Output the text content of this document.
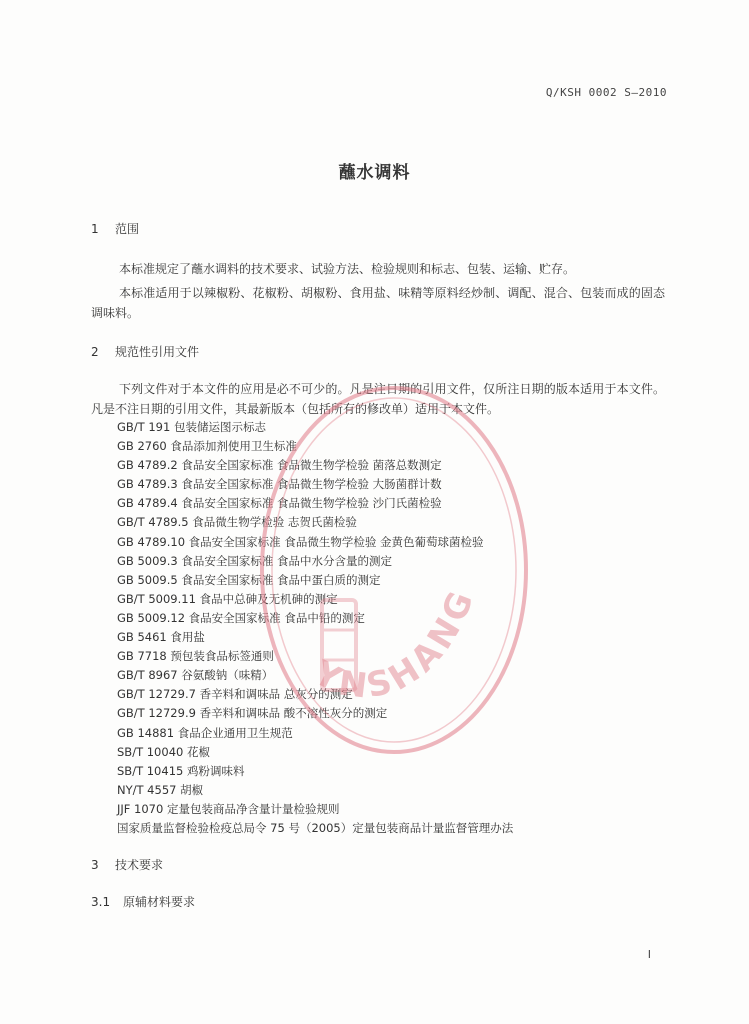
Q/KSH 0002 S—2010
蘸水调料
1 范围
本标准规定了蘸水调料的技术要求、试验方法、检验规则和标志、包装、运输、贮存。
本标准适用于以辣椒粉、花椒粉、胡椒粉、食用盐、味精等原料经炒制、调配、混合、包装而成的固态调味料。
2 规范性引用文件
下列文件对于本文件的应用是必不可少的。凡是注日期的引用文件，仅所注日期的版本适用于本文件。凡是不注日期的引用文件，其最新版本（包括所有的修改单）适用于本文件。
GB/T 191 包装储运图示标志
GB 2760 食品添加剂使用卫生标准
GB 4789.2 食品安全国家标准 食品微生物学检验 菌落总数测定
GB 4789.3 食品安全国家标准 食品微生物学检验 大肠菌群计数
GB 4789.4 食品安全国家标准 食品微生物学检验 沙门氏菌检验
GB/T 4789.5 食品微生物学检验 志贺氏菌检验
GB 4789.10 食品安全国家标准 食品微生物学检验 金黄色葡萄球菌检验
GB 5009.3 食品安全国家标准 食品中水分含量的测定
GB 5009.5 食品安全国家标准 食品中蛋白质的测定
GB/T 5009.11 食品中总砷及无机砷的测定
GB 5009.12 食品安全国家标准 食品中铅的测定
GB 5461 食用盐
GB 7718 预包装食品标签通则
GB/T 8967 谷氨酸钠（味精）
GB/T 12729.7 香辛料和调味品 总灰分的测定
GB/T 12729.9 香辛料和调味品 酸不溶性灰分的测定
GB 14881 食品企业通用卫生规范
SB/T 10040 花椒
SB/T 10415 鸡粉调味料
NY/T 4557 胡椒
JJF 1070 定量包装商品净含量计量检验规则
国家质量监督检验检疫总局令 75 号（2005）定量包装商品计量监督管理办法
3 技术要求
3.1 原辅材料要求
YNSHANG
I
